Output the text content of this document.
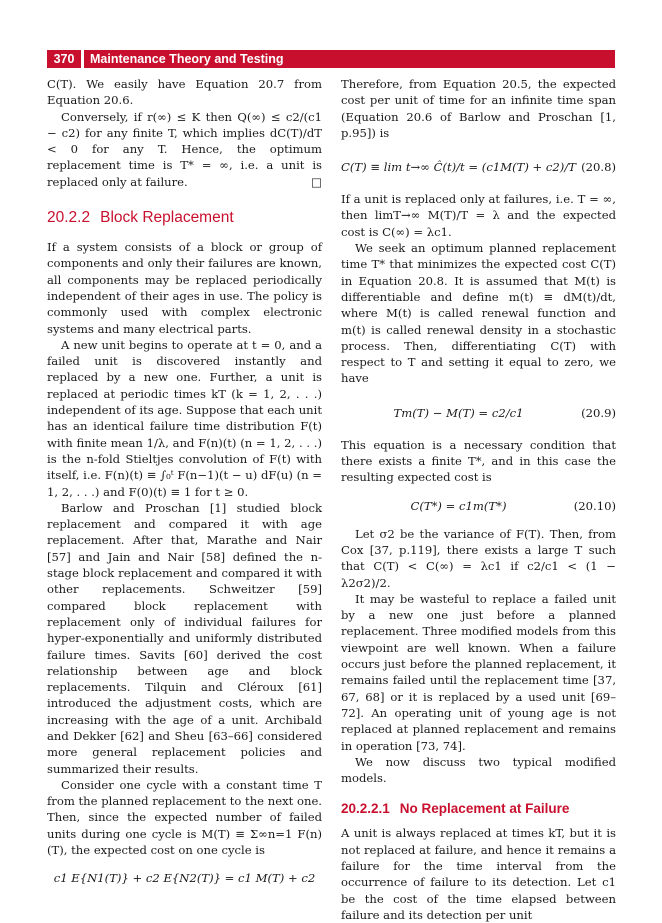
370	Maintenance Theory and Testing

C(T). We easily have Equation 20.7 from Equation 20.6.

Conversely, if r(∞) ≤ K then Q(∞) ≤ c2/(c1 − c2) for any finite T, which implies dC(T)/dT < 0 for any T. Hence, the optimum replacement time is T* = ∞, i.e. a unit is replaced only at failure.	□

20.2.2 Block Replacement

If a system consists of a block or group of components and only their failures are known, all components may be replaced periodically independent of their ages in use. The policy is commonly used with complex electronic systems and many electrical parts.

A new unit begins to operate at t = 0, and a failed unit is discovered instantly and replaced by a new one. Further, a unit is replaced at periodic times kT (k = 1, 2, . . .) independent of its age. Suppose that each unit has an identical failure time distribution F(t) with finite mean 1/λ, and F(n)(t) (n = 1, 2, . . .) is the n-fold Stieltjes convolution of F(t) with itself, i.e. F(n)(t) ≡ ∫₀ᵗ F(n−1)(t − u) dF(u) (n = 1, 2, . . .) and F(0)(t) ≡ 1 for t ≥ 0.

Barlow and Proschan [1] studied block replacement and compared it with age replacement. After that, Marathe and Nair [57] and Jain and Nair [58] defined the n-stage block replacement and compared it with other replacements. Schweitzer [59] compared block replacement with replacement only of individual failures for hyper-exponentially and uniformly distributed failure times. Savits [60] derived the cost relationship between age and block replacements. Tilquin and Cléroux [61] introduced the adjustment costs, which are increasing with the age of a unit. Archibald and Dekker [62] and Sheu [63–66] considered more general replacement policies and summarized their results.

Consider one cycle with a constant time T from the planned replacement to the next one. Then, since the expected number of failed units during one cycle is M(T) ≡ Σ∞n=1 F(n)(T), the expected cost on one cycle is

c1 E{N1(T)} + c2 E{N2(T)} = c1 M(T) + c2

Therefore, from Equation 20.5, the expected cost per unit of time for an infinite time span (Equation 20.6 of Barlow and Proschan [1, p.95]) is

C(T) ≡ lim t→∞ Ĉ(t)/t = (c1M(T) + c2)/T (20.8)

If a unit is replaced only at failures, i.e. T = ∞, then limT→∞ M(T)/T = λ and the expected cost is C(∞) = λc1.

We seek an optimum planned replacement time T* that minimizes the expected cost C(T) in Equation 20.8. It is assumed that M(t) is differentiable and define m(t) ≡ dM(t)/dt, where M(t) is called renewal function and m(t) is called renewal density in a stochastic process. Then, differentiating C(T) with respect to T and setting it equal to zero, we have

Tm(T) − M(T) = c2/c1	(20.9)

This equation is a necessary condition that there exists a finite T*, and in this case the resulting expected cost is

C(T*) = c1m(T*)	(20.10)

Let σ2 be the variance of F(T). Then, from Cox [37, p.119], there exists a large T such that C(T) < C(∞) = λc1 if c2/c1 < (1 − λ2σ2)/2.

It may be wasteful to replace a failed unit by a new one just before a planned replacement. Three modified models from this viewpoint are well known. When a failure occurs just before the planned replacement, it remains failed until the replacement time [37, 67, 68] or it is replaced by a used unit [69–72]. An operating unit of young age is not replaced at planned replacement and remains in operation [73, 74].

We now discuss two typical modified models.

20.2.2.1 No Replacement at Failure

A unit is always replaced at times kT, but it is not replaced at failure, and hence it remains a failure for the time interval from the occurrence of failure to its detection. Let c1 be the cost of the time elapsed between failure and its detection per unit
